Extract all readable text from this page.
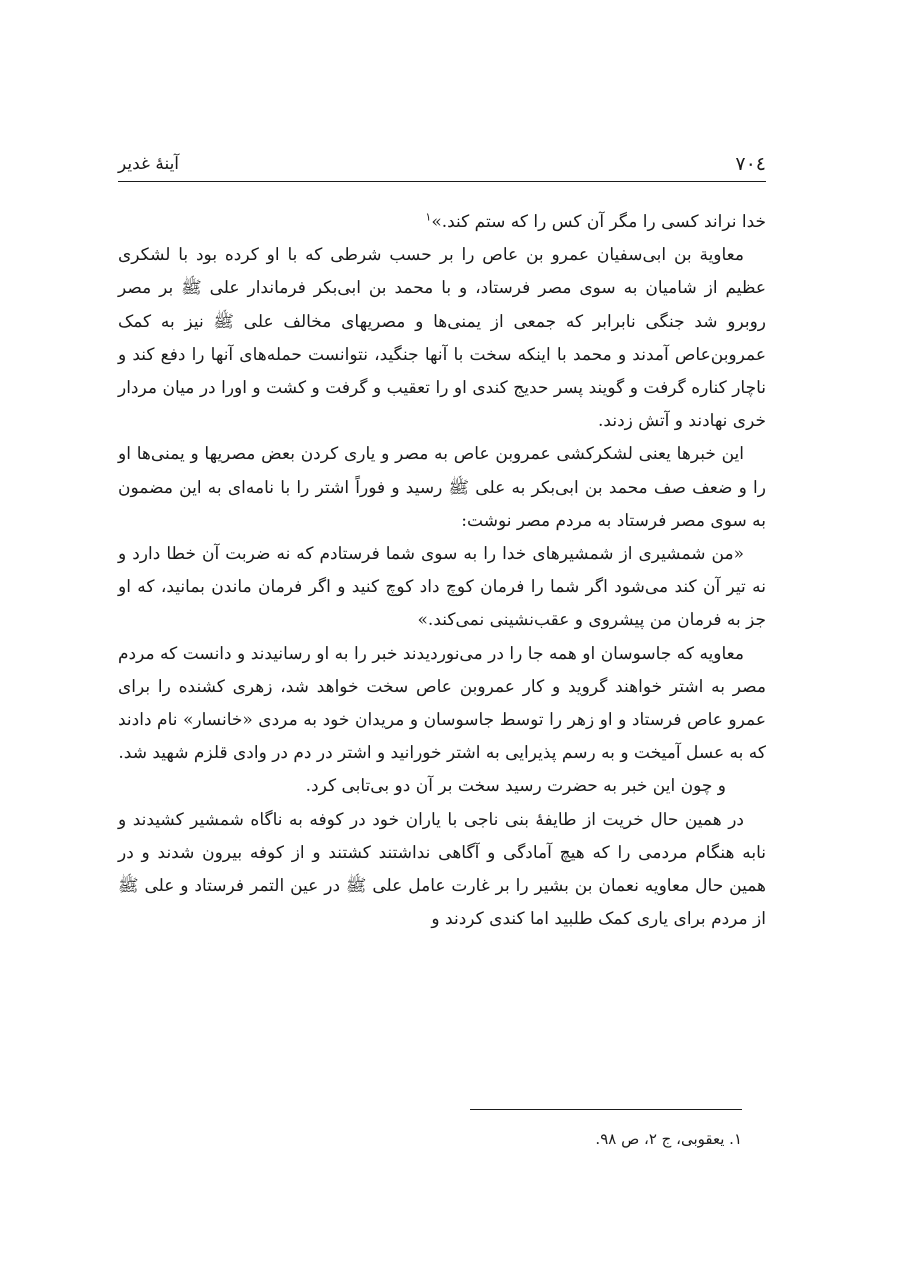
۷۰٤
آینهٔ غدیر

خدا نراند کسی را مگر آن کس را که ستم کند.»$^۱$

معاویة بن ابی‌سفیان عمرو بن عاص را بر حسب شرطی که با او کرده بود با لشکری عظیم از شامیان به سوی مصر فرستاد، و با محمد بن ابی‌بکر فرماندار علی ﷺ بر مصر روبرو شد جنگی نابرابر که جمعی از یمنی‌ها و مصریهای مخالف علی ﷺ نیز به کمک عمروبن‌عاص آمدند و محمد با اینکه سخت با آنها جنگید، نتوانست حمله‌های آنها را دفع کند و ناچار کناره گرفت و گویند پسر حدیج کندی او را تعقیب و گرفت و کشت و اورا در میان مردار خری نهادند و آتش زدند.

این خبرها یعنی لشکرکشی عمروبن عاص به مصر و یاری کردن بعض مصریها و یمنی‌ها او را و ضعف صف محمد بن ابی‌بکر به علی ﷺ رسید و فوراً اشتر را با نامه‌ای به این مضمون به سوی مصر فرستاد به مردم مصر نوشت:

«من شمشیری از شمشیرهای خدا را به سوی شما فرستادم که نه ضربت آن خطا دارد و نه تیر آن کند می‌شود اگر شما را فرمان کوچ داد کوچ کنید و اگر فرمان ماندن بمانید، که او جز به فرمان من پیشروی و عقب‌نشینی نمی‌کند.»

معاویه که جاسوسان او همه جا را در می‌نوردیدند خبر را به او رسانیدند و دانست که مردم مصر به اشتر خواهند گروید و کار عمروبن عاص سخت خواهد شد، زهری کشنده را برای عمرو عاص فرستاد و او زهر را توسط جاسوسان و مریدان خود به مردی «خانسار» نام دادند که به عسل آمیخت و به رسم پذیرایی به اشتر خورانید و اشتر در دم در وادی قلزم شهید شد.

و چون این خبر به حضرت رسید سخت بر آن دو بی‌تابی کرد.

در همین حال خریت از طایفهٔ بنی ناجی با یاران خود در کوفه به ناگاه شمشیر کشیدند و نابه هنگام مردمی را که هیچ آمادگی و آگاهی نداشتند کشتند و از کوفه بیرون شدند و در همین حال معاویه نعمان بن بشیر را بر غارت عامل علی ﷺ در عین التمر فرستاد و علی ﷺ از مردم برای یاری کمک طلبید اما کندی کردند و

۱. یعقوبی، ج ۲، ص ۹۸.
